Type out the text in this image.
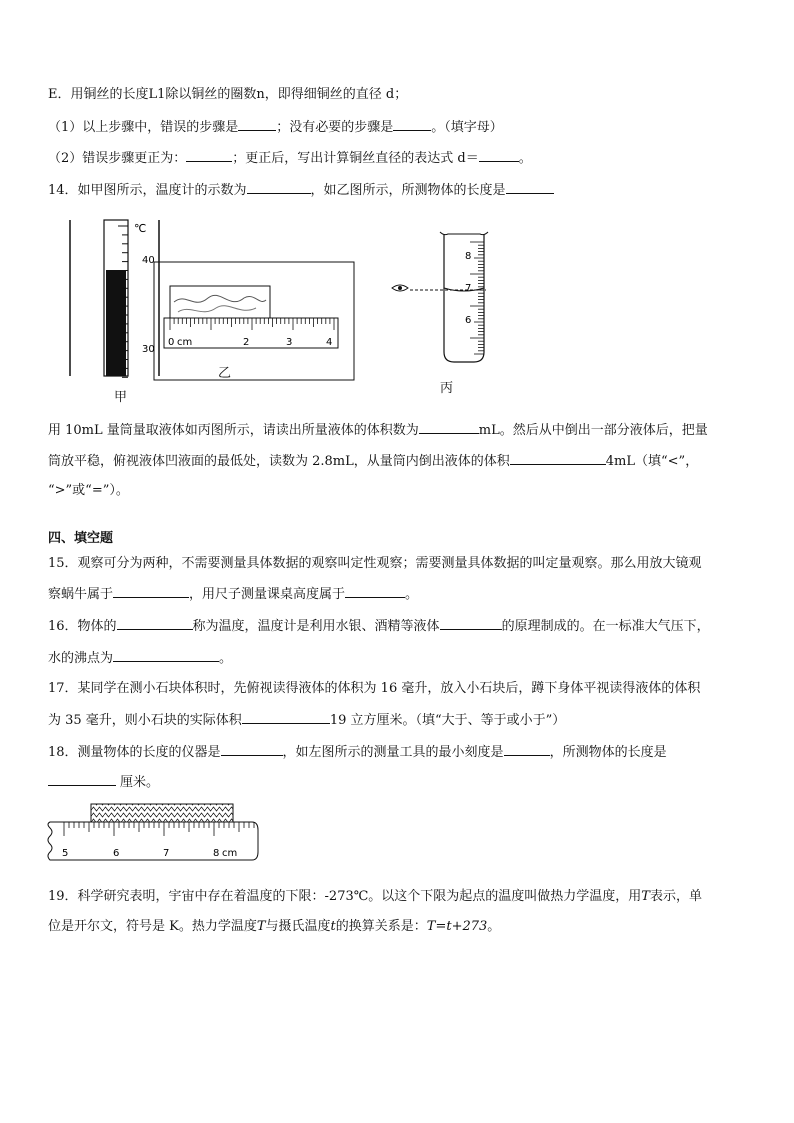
E．用铜丝的长度L1除以铜丝的圈数n，即得细铜丝的直径 d；
（1）以上步骤中，错误的步骤是	；没有必要的步骤是	。（填字母）
（2）错误步骤更正为：	；更正后，写出计算铜丝直径的表达式 d＝	。
14．如甲图所示，温度计的示数为	，如乙图所示，所测物体的长度是
℃
40
30
0 cm	2	3	4
8
7
6
甲
乙
丙
用 10mL 量筒量取液体如丙图所示，请读出所量液体的体积数为	mL。然后从中倒出一部分液体后，把量
筒放平稳，俯视液体凹液面的最低处，读数为 2.8mL，从量筒内倒出液体的体积	4mL（填“<”，
“>”或“=”）。
四、填空题
15．观察可分为两种，不需要测量具体数据的观察叫定性观察；需要测量具体数据的叫定量观察。那么用放大镜观
察蜗牛属于	，用尺子测量课桌高度属于	。
16．物体的	称为温度，温度计是利用水银、酒精等液体	的原理制成的。在一标准大气压下，
水的沸点为	。
17．某同学在测小石块体积时，先俯视读得液体的体积为 16 毫升，放入小石块后，蹲下身体平视读得液体的体积
为 35 毫升，则小石块的实际体积	19 立方厘米。（填“大于、等于或小于”）
18．测量物体的长度的仪器是	，如左图所示的测量工具的最小刻度是	，所测物体的长度是
厘米。
5	6	7	8 cm
19．科学研究表明，宇宙中存在着温度的下限：-273℃。以这个下限为起点的温度叫做热力学温度，用T表示，单
位是开尔文，符号是 K。热力学温度T与摄氏温度t的换算关系是：T=t+273。
